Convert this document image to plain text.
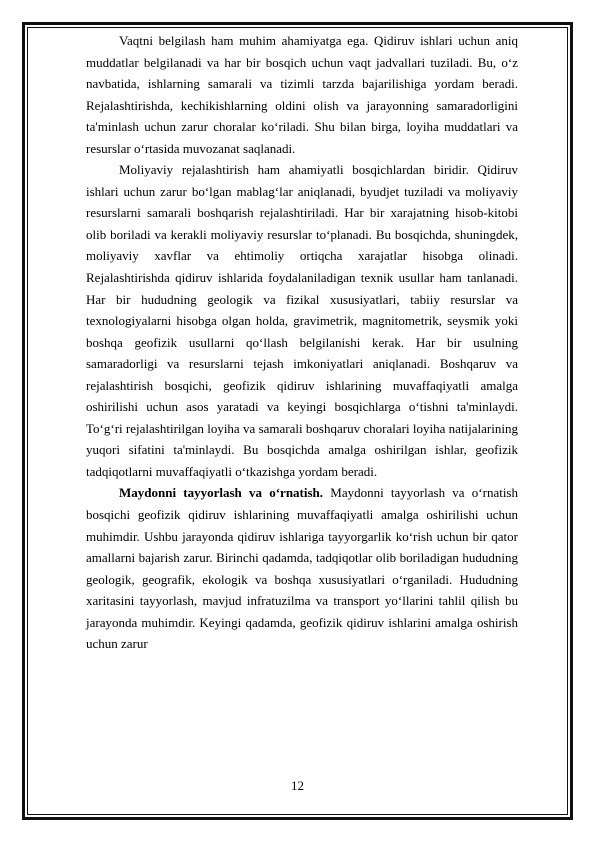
Vaqtni belgilash ham muhim ahamiyatga ega. Qidiruv ishlari uchun aniq muddatlar belgilanadi va har bir bosqich uchun vaqt jadvallari tuziladi. Bu, o‘z navbatida, ishlarning samarali va tizimli tarzda bajarilishiga yordam beradi. Rejalashtirishda, kechikishlarning oldini olish va jarayonning samaradorligini ta'minlash uchun zarur choralar ko‘riladi. Shu bilan birga, loyiha muddatlari va resurslar o‘rtasida muvozanat saqlanadi.

Moliyaviy rejalashtirish ham ahamiyatli bosqichlardan biridir. Qidiruv ishlari uchun zarur bo‘lgan mablag‘lar aniqlanadi, byudjet tuziladi va moliyaviy resurslarni samarali boshqarish rejalashtiriladi. Har bir xarajatning hisob-kitobi olib boriladi va kerakli moliyaviy resurslar to‘planadi. Bu bosqichda, shuningdek, moliyaviy xavflar va ehtimoliy ortiqcha xarajatlar hisobga olinadi. Rejalashtirishda qidiruv ishlarida foydalaniladigan texnik usullar ham tanlanadi. Har bir hududning geologik va fizikal xususiyatlari, tabiiy resurslar va texnologiyalarni hisobga olgan holda, gravimetrik, magnitometrik, seysmik yoki boshqa geofizik usullarni qo‘llash belgilanishi kerak. Har bir usulning samaradorligi va resurslarni tejash imkoniyatlari aniqlanadi. Boshqaruv va rejalashtirish bosqichi, geofizik qidiruv ishlarining muvaffaqiyatli amalga oshirilishi uchun asos yaratadi va keyingi bosqichlarga o‘tishni ta'minlaydi. To‘g‘ri rejalashtirilgan loyiha va samarali boshqaruv choralari loyiha natijalarining yuqori sifatini ta'minlaydi. Bu bosqichda amalga oshirilgan ishlar, geofizik tadqiqotlarni muvaffaqiyatli o‘tkazishga yordam beradi.

Maydonni tayyorlash va o‘rnatish. Maydonni tayyorlash va o‘rnatish bosqichi geofizik qidiruv ishlarining muvaffaqiyatli amalga oshirilishi uchun muhimdir. Ushbu jarayonda qidiruv ishlariga tayyorgarlik ko‘rish uchun bir qator amallarni bajarish zarur. Birinchi qadamda, tadqiqotlar olib boriladigan hududning geologik, geografik, ekologik va boshqa xususiyatlari o‘rganiladi. Hududning xaritasini tayyorlash, mavjud infratuzilma va transport yo‘llarini tahlil qilish bu jarayonda muhimdir. Keyingi qadamda, geofizik qidiruv ishlarini amalga oshirish uchun zarur

12
